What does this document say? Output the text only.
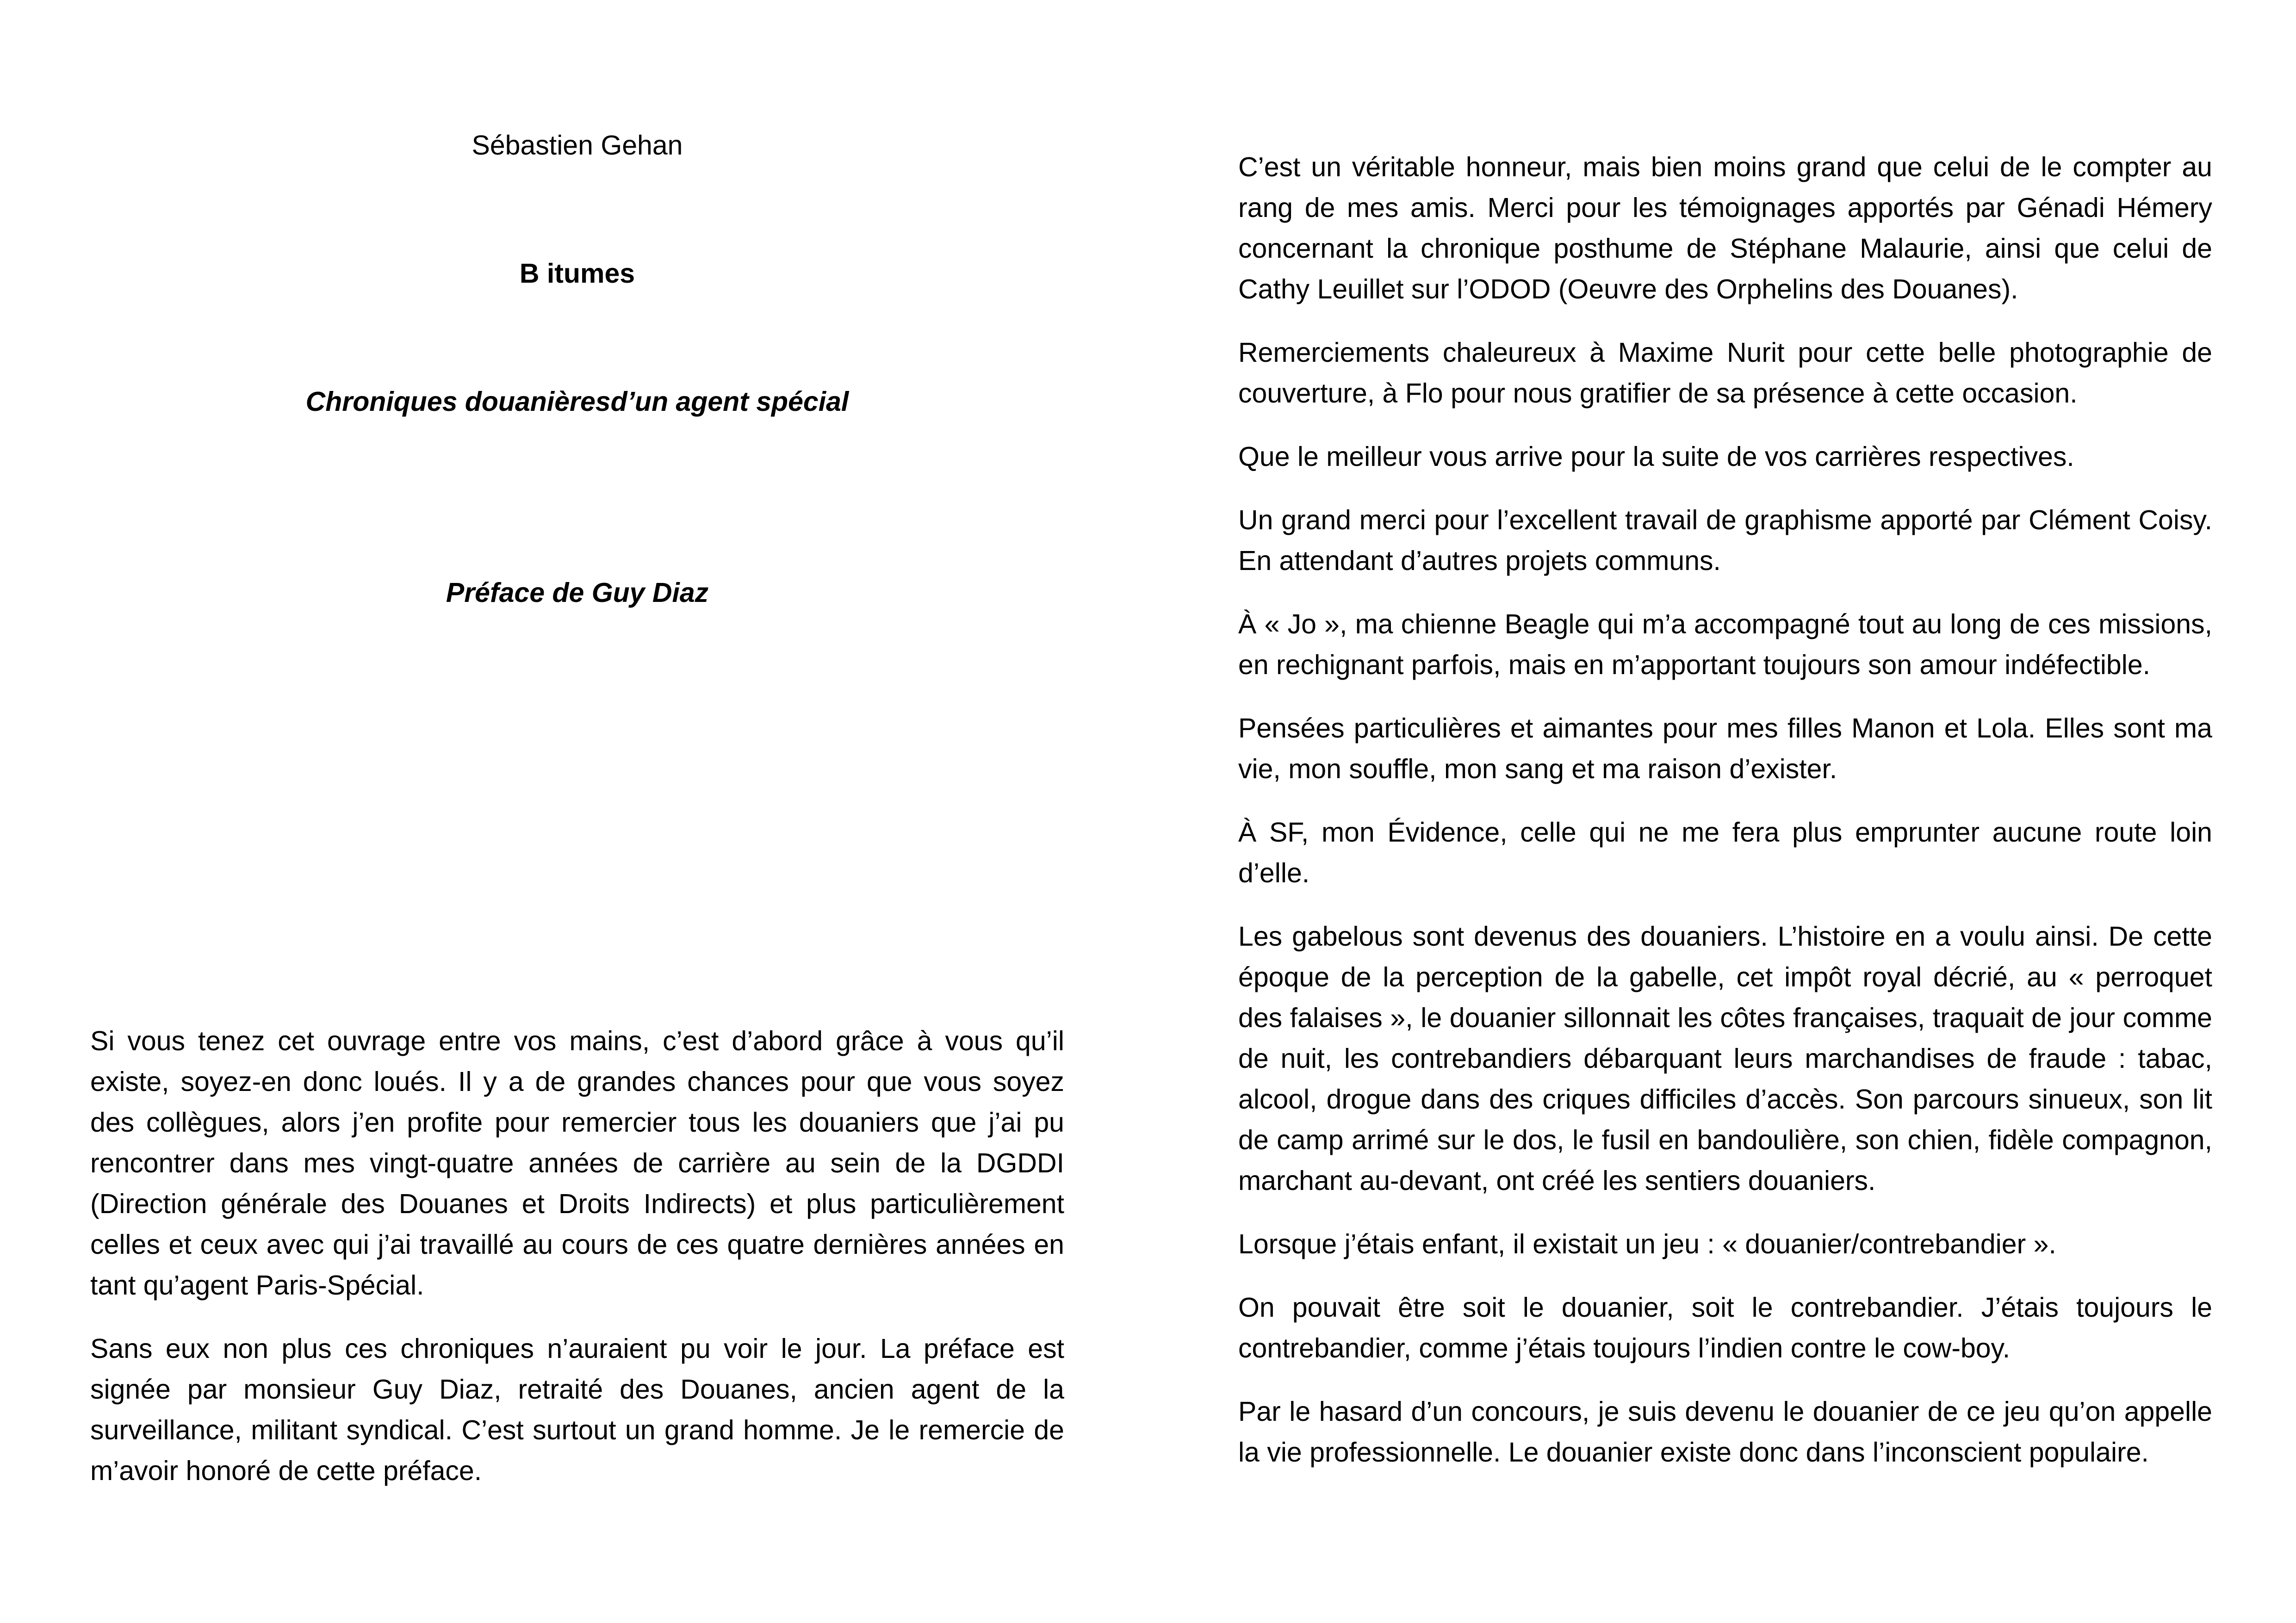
Sébastien Gehan

B itumes

Chroniques douanièresd’un agent spécial

Préface de Guy Diaz

Si vous tenez cet ouvrage entre vos mains, c’est d’abord grâce à vous qu’il existe, soyez-en donc loués. Il y a de grandes chances pour que vous soyez des collègues, alors j’en profite pour remercier tous les douaniers que j’ai pu rencontrer dans mes vingt-quatre années de carrière au sein de la DGDDI (Direction générale des Douanes et Droits Indirects) et plus particulièrement celles et ceux avec qui j’ai travaillé au cours de ces quatre dernières années en tant qu’agent Paris-Spécial.

Sans eux non plus ces chroniques n’auraient pu voir le jour. La préface est signée par monsieur Guy Diaz, retraité des Douanes, ancien agent de la surveillance, militant syndical. C’est surtout un grand homme. Je le remercie de m’avoir honoré de cette préface.

C’est un véritable honneur, mais bien moins grand que celui de le compter au rang de mes amis. Merci pour les témoignages apportés par Génadi Hémery concernant la chronique posthume de Stéphane Malaurie, ainsi que celui de Cathy Leuillet sur l’ODOD (Oeuvre des Orphelins des Douanes).

Remerciements chaleureux à Maxime Nurit pour cette belle photographie de couverture, à Flo pour nous gratifier de sa présence à cette occasion.

Que le meilleur vous arrive pour la suite de vos carrières respectives.

Un grand merci pour l’excellent travail de graphisme apporté par Clément Coisy. En attendant d’autres projets communs.

À « Jo », ma chienne Beagle qui m’a accompagné tout au long de ces missions, en rechignant parfois, mais en m’apportant toujours son amour indéfectible.

Pensées particulières et aimantes pour mes filles Manon et Lola. Elles sont ma vie, mon souffle, mon sang et ma raison d’exister.

À SF, mon Évidence, celle qui ne me fera plus emprunter aucune route loin d’elle.

Les gabelous sont devenus des douaniers. L’histoire en a voulu ainsi. De cette époque de la perception de la gabelle, cet impôt royal décrié, au « perroquet des falaises », le douanier sillonnait les côtes françaises, traquait de jour comme de nuit, les contrebandiers débarquant leurs marchandises de fraude : tabac, alcool, drogue dans des criques difficiles d’accès. Son parcours sinueux, son lit de camp arrimé sur le dos, le fusil en bandoulière, son chien, fidèle compagnon, marchant au-devant, ont créé les sentiers douaniers.

Lorsque j’étais enfant, il existait un jeu : « douanier/contrebandier ».

On pouvait être soit le douanier, soit le contrebandier. J’étais toujours le contrebandier, comme j’étais toujours l’indien contre le cow-boy.

Par le hasard d’un concours, je suis devenu le douanier de ce jeu qu’on appelle la vie professionnelle. Le douanier existe donc dans l’inconscient populaire.
